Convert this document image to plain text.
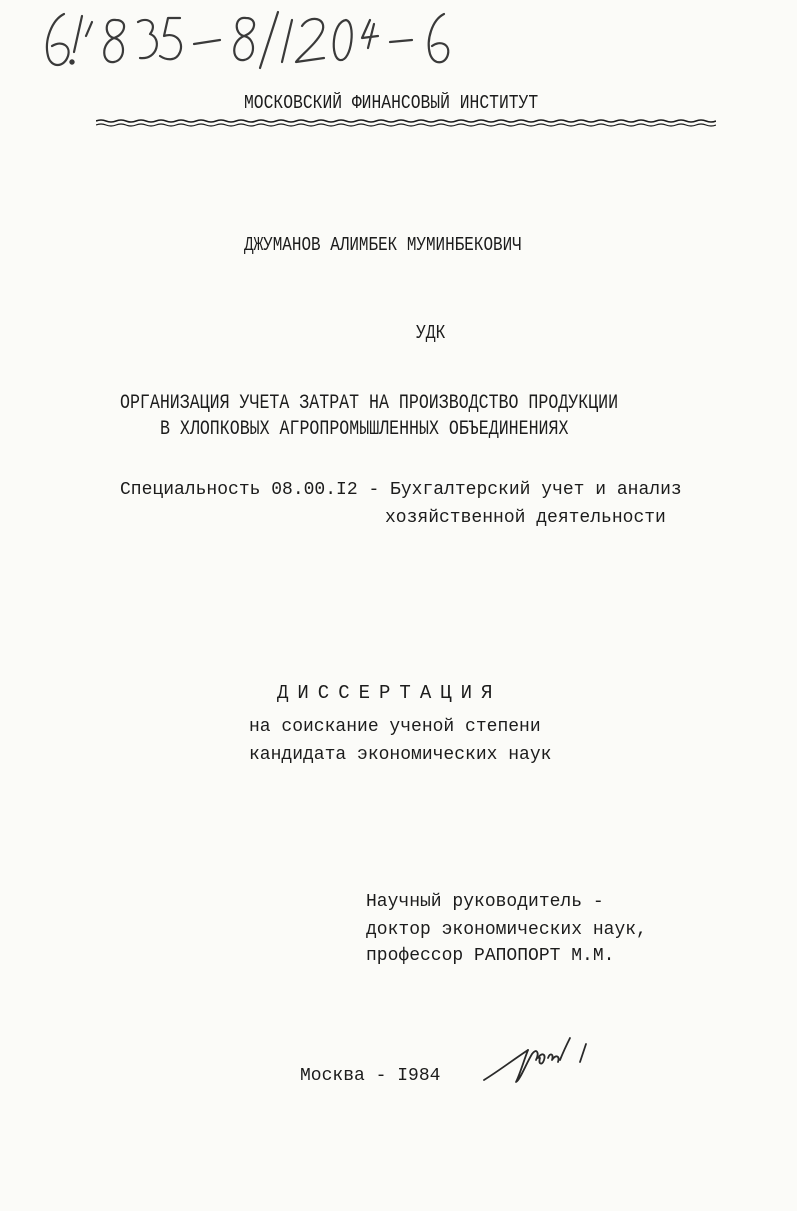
МОСКОВСКИЙ ФИНАНСОВЫЙ ИНСТИТУТ
ДЖУМАНОВ АЛИМБЕК МУМИНБЕКОВИЧ
УДК
ОРГАНИЗАЦИЯ УЧЕТА ЗАТРАТ НА ПРОИЗВОДСТВО ПРОДУКЦИИ
В ХЛОПКОВЫХ АГРОПРОМЫШЛЕННЫХ ОБЪЕДИНЕНИЯХ
Специальность 08.00.I2 - Бухгалтерский учет и анализ
хозяйственной деятельности
ДИССЕРТАЦИЯ
на соискание ученой степени
кандидата экономических наук
Научный руководитель -
доктор экономических наук,
профессор РАПОПОРТ М.М.
Москва - I984
